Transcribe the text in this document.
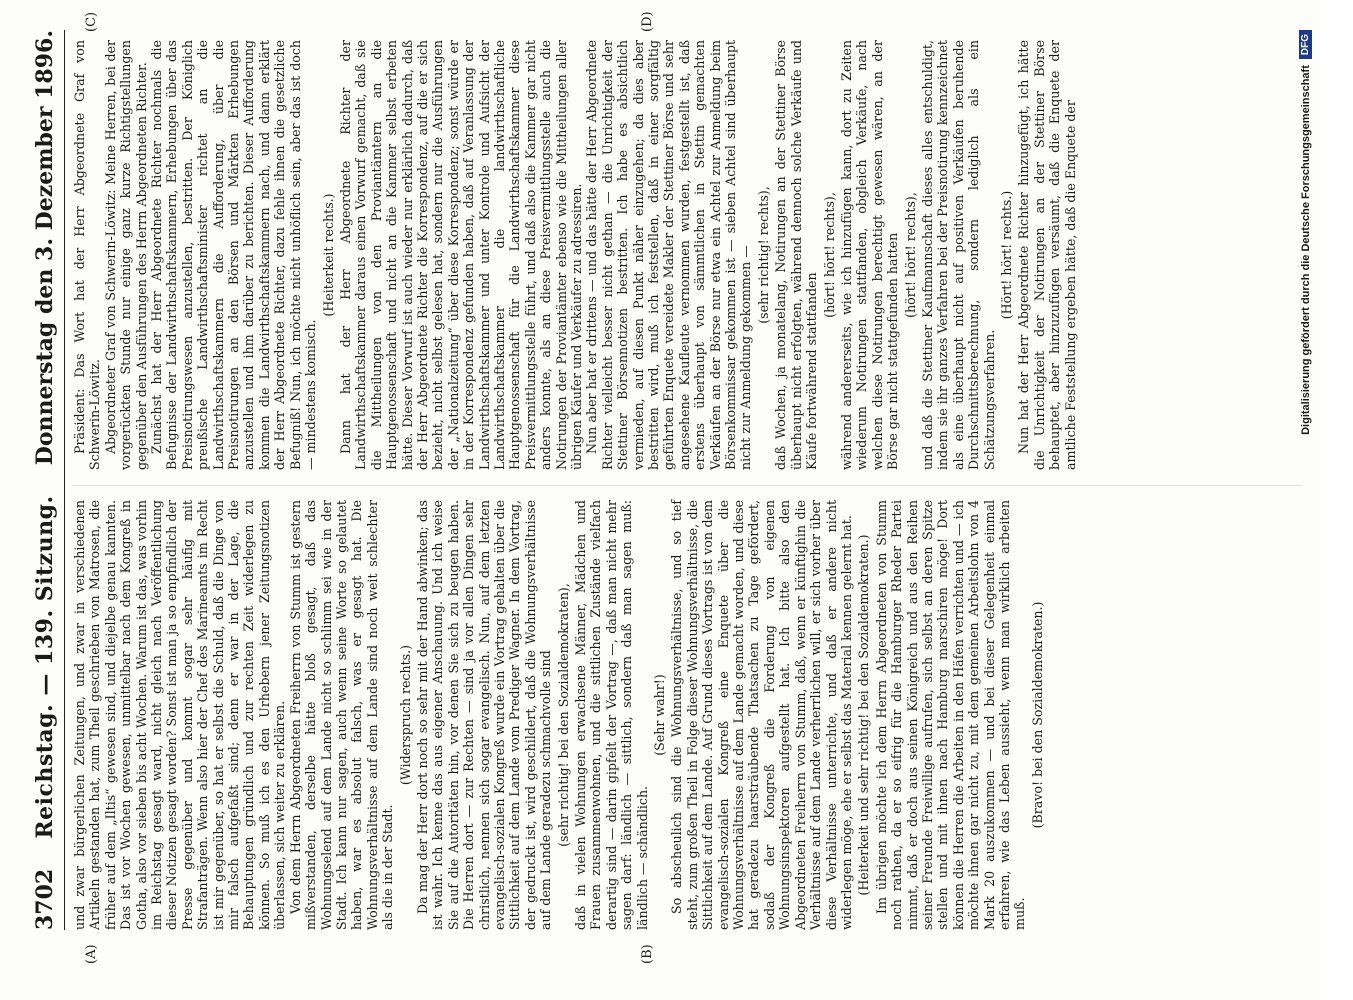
3702
Reichstag. — 139. Sitzung.
Donnerstag den 3. Dezember 1896.
(A)	(B)
(C)	(D)

und zwar bürgerlichen Zeitungen, und zwar in verschiedenen Artikeln gestanden hat, zum Theil geschrieben von Matrosen, die früher auf dem „Iltis“ gewesen sind, und diejelbe genau kannten. Das ist vor Wochen gewesen, unmittelbar nach dem Kongreß in Gotha, also vor sieben bis acht Wochen. Warum ist das, was vorhin im Reichstag gesagt ward, nicht gleich nach Veröffentlichung dieser Notizen gesagt worden? Sonst ist man ja so empfindlich der Presse gegenüber und kommt sogar sehr häufig mit Strafanträgen. Wenn also hier der Chef des Marineamts im Recht ist mir gegenüber, so hat er selbst die Schuld, daß die Dinge von mir falsch aufgefaßt sind; denn er war in der Lage, die Behauptungen gründlich und zur rechten Zeit widerlegen zu können. So muß ich es den Urhebern jener Zeitungsnotizen überlassen, sich weiter zu erklären. Von dem Herrn Abgeordneten Freiherrn von Stumm ist gestern mißverstanden, derselbe hätte bloß gesagt, daß das Wohnungselend auf dem Lande nicht so schlimm sei wie in der Stadt. Ich kann nur sagen, auch wenn seine Worte so gelautet haben, war es absolut falsch, was er gesagt hat. Die Wohnungsverhältnisse auf dem Lande sind noch weit schlechter als die in der Stadt.

(Widerspruch rechts.) Da mag der Herr dort noch so sehr mit der Hand abwinken; das ist wahr. Ich kenne das aus eigener Anschauung. Und ich weise Sie auf die Autoritäten hin, vor denen Sie sich zu beugen haben. Die Herren dort — zur Rechten — sind ja vor allen Dingen sehr christlich, nennen sich sogar evangelisch. Nun, auf dem letzten evangelisch-sozialen Kongreß wurde ein Vortrag gehalten über die Sittlichkeit auf dem Lande vom Prediger Wagner. In dem Vortrag, der gedruckt ist, wird geschildert, daß die Wohnungsverhältnisse auf dem Lande geradezu schmachvolle sind (sehr richtig! bei den Sozialdemokraten), daß in vielen Wohnungen erwachsene Männer, Mädchen und Frauen zusammenwohnen, und die sittlichen Zustände vielfach derartig sind — darin gipfelt der Vortrag —, daß man nicht mehr sagen darf: ländlich — sittlich, sondern daß man sagen muß: ländlich — schändlich.

(Sehr wahr!) So abscheulich sind die Wohnungsverhältnisse, und so tief steht, zum großen Theil in Folge dieser Wohnungsverhältnisse, die Sittlichkeit auf dem Lande. Auf Grund dieses Vortrags ist von dem evangelisch-sozialen Kongreß eine Enquete über die Wohnungsverhältnisse auf dem Lande gemacht worden, und diese hat geradezu haarsträubende Thatsachen zu Tage gefördert, sodaß der Kongreß die Forderung von eigenen Wohnungsinspektoren aufgestellt hat. Ich bitte also den Abgeordneten Freiherrn von Stumm, daß, wenn er künftighin die Verhältnisse auf dem Lande verherrlichen will, er sich vorher über diese Verhältnisse unterrichte, und daß er andere nicht widerlegen möge, ehe er selbst das Material kennen gelernt hat. (Heiterkeit und sehr richtig! bei den Sozialdemokraten.) Im übrigen möchte ich dem Herrn Abgeordneten von Stumm noch rathen, da er so eifrig für die Hamburger Rheder Partei nimmt, daß er doch aus seinen Königreich und aus den Reihen seiner Freunde Freiwillige aufrufen, sich selbst an deren Spitze stellen und mit ihnen nach Hamburg marschiren möge! Dort können die Herren die Arbeiten in den Häfen verrichten und — ich möchte ihnen gar nicht zu, mit dem gemeinen Arbeitslohn von 4 Mark 20 auszukommen — und bei dieser Gelegenheit einmal erfahren, wie das Leben aussieht, wenn man wirklich arbeiten muß.

(Bravo! bei den Sozialdemokraten.)

Präsident: Das Wort hat der Herr Abgeordnete Graf von Schwerin-Löwitz. Abgeordneter Graf von Schwerin-Löwitz: Meine Herren, bei der vorgerückten Stunde nur einige ganz kurze Richtigstellungen gegenüber den Ausführungen des Herrn Abgeordneten Richter. Zunächst hat der Herr Abgeordnete Richter nochmals die Befugnisse der Landwirthschaftskammern, Erhebungen über das Preisnotirungswesen anzustellen, bestritten. Der Königlich preußische Landwirthschaftsminister richtet an die Landwirthschaftskammern die Aufforderung, über die Preisnotirungen an den Börsen und Märkten Erhebungen anzustellen und ihm darüber zu berichten. Dieser Aufforderung kommen die Landwirthschaftskammern nach, und dann erklärt der Herr Abgeordnete Richter, dazu fehle ihnen die gesetzliche Befugniß! Nun, ich möchte nicht unhöflich sein, aber das ist doch — mindestens komisch.

(Heiterkeit rechts.) Dann hat der Herr Abgeordnete Richter der Landwirthschaftskammer daraus einen Vorwurf gemacht, daß sie die Mittheilungen von den Proviantämtern an die Hauptgenossenschaft und nicht an die Kammer selbst erbeten hätte. Dieser Vorwurf ist auch wieder nur erklärlich dadurch, daß der Herr Abgeordnete Richter die Korrespondenz, auf die er sich bezieht, nicht selbst gelesen hat, sondern nur die Ausführungen der „Nationalzeitung“ über diese Korrespondenz; sonst würde er in der Korrespondenz gefunden haben, daß auf Veranlassung der Landwirthschaftskammer und unter Kontrole und Aufsicht der Landwirthschaftskammer die landwirthschaftliche Hauptgenossenschaft für die Landwirthschaftskammer diese Preisvermittlungsstelle führt, und daß also die Kammer gar nicht anders konnte, als an diese Preisvermittlungsstelle auch die Notirungen der Proviantämter ebenso wie die Mittheilungen aller übrigen Käufer und Verkäufer zu adressiren. Nun aber hat er drittens — und das hätte der Herr Abgeordnete Richter vielleicht besser nicht gethan — die Unrichtigkeit der Stettiner Börsennotizen bestritten. Ich habe es absichtlich vermieden, auf diesen Punkt näher einzugehen; da dies aber bestritten wird, muß ich feststellen, daß in einer sorgfältig geführten Enquete vereidete Makler der Stettiner Börse und sehr angesehene Kaufleute vernommen wurden, festgestellt ist, daß erstens überhaupt von sämmtlichen in Stettin gemachten Verkäufen an der Börse nur etwa ein Achtel zur Anmeldung beim Börsenkommissar gekommen ist — sieben Achtel sind überhaupt nicht zur Anmeldung gekommen — (sehr richtig! rechts), daß Wochen, ja monatelang, Notirungen an der Stettiner Börse überhaupt nicht erfolgten, während dennoch solche Verkäufe und Käufe fortwährend stattfanden

(hört! hört! rechts), während andererseits, wie ich hinzufügen kann, dort zu Zeiten wiederum Notirungen stattfanden, obgleich Verkäufe, nach welchen diese Notirungen berechtigt gewesen wären, an der Börse gar nicht stattgefunden hatten (hört! hört! rechts), und daß die Stettiner Kaufmannschaft dieses alles entschuldigt, indem sie ihr ganzes Verfahren bei der Preisnotirung kennzeichnet als eine überhaupt nicht auf positiven Verkäufen beruhende Durchschnittsberechnung, sondern lediglich als ein Schätzungsverfahren.

(Hört! hört! rechts.) Nun hat der Herr Abgeordnete Richter hinzugefügt, ich hätte die Unrichtigkeit der Notirungen an der Stettiner Börse behauptet, aber hinzuzufügen versäumt, daß die Enquete der amtliche Feststellung ergeben hätte, daß die Enquete der	Digitalisierung gefördert durch die Deutsche Forschungsgemeinschaft
DFG
